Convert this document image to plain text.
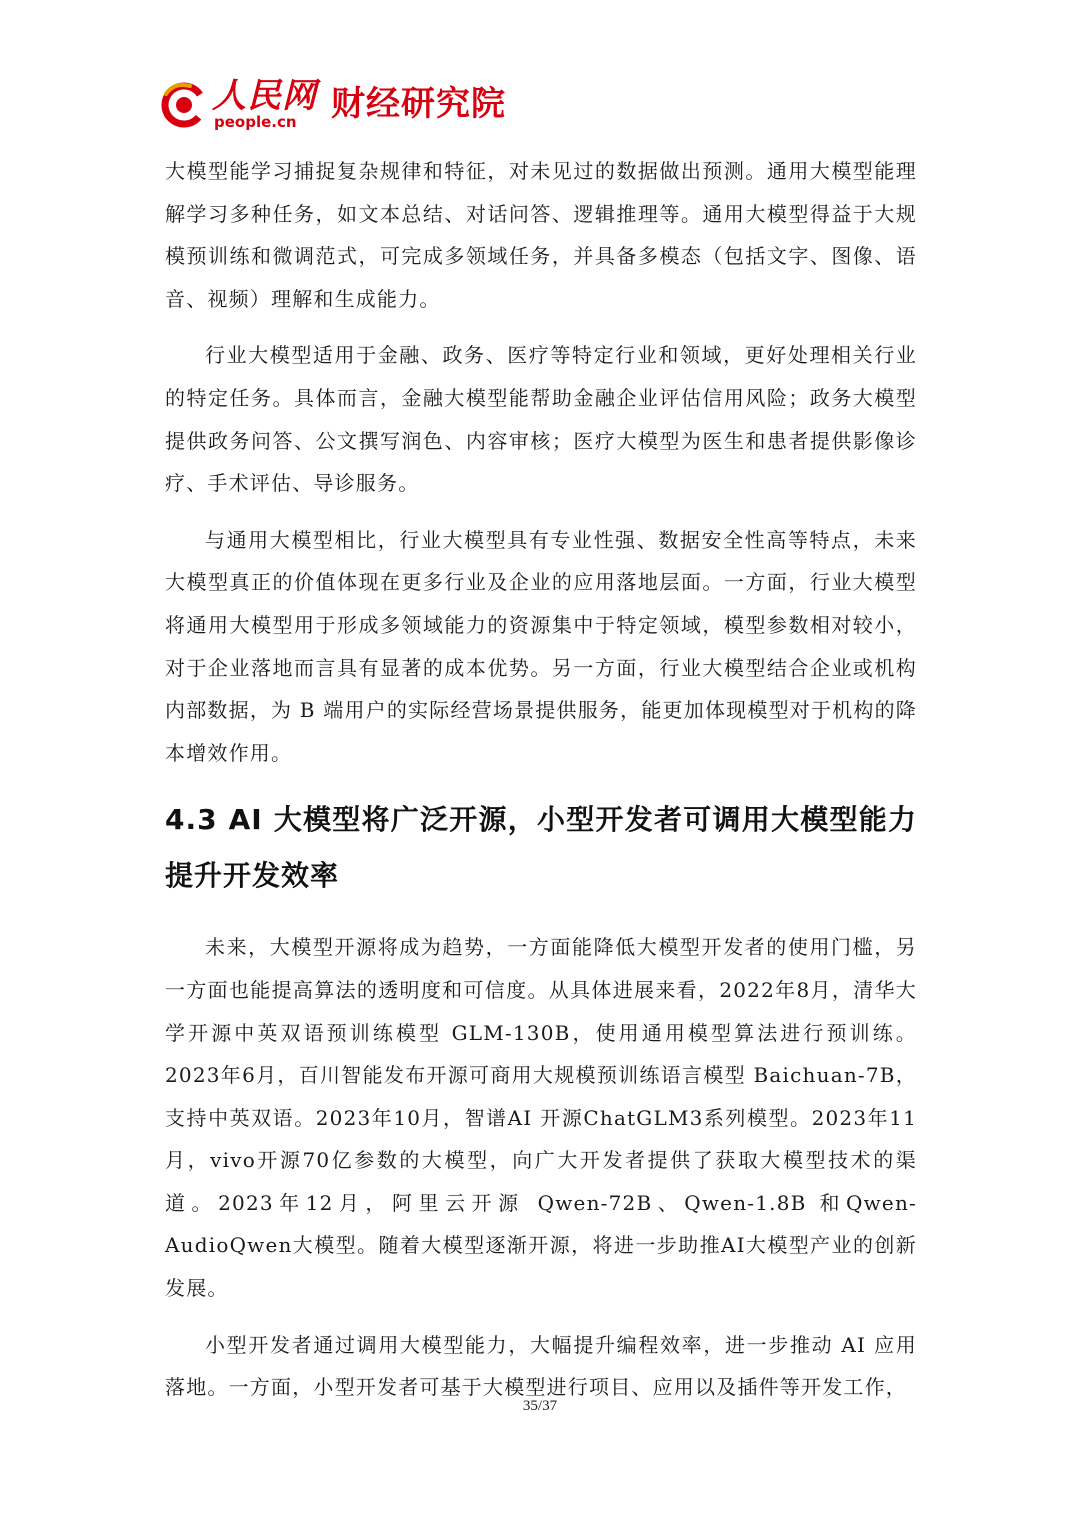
人民网
people.cn	财经研究院

大模型能学习捕捉复杂规律和特征，对未见过的数据做出预测。通用大模型能理解学习多种任务，如文本总结、对话问答、逻辑推理等。通用大模型得益于大规模预训练和微调范式，可完成多领域任务，并具备多模态（包括文字、图像、语音、视频）理解和生成能力。

行业大模型适用于金融、政务、医疗等特定行业和领域，更好处理相关行业的特定任务。具体而言，金融大模型能帮助金融企业评估信用风险；政务大模型提供政务问答、公文撰写润色、内容审核；医疗大模型为医生和患者提供影像诊疗、手术评估、导诊服务。

与通用大模型相比，行业大模型具有专业性强、数据安全性高等特点，未来大模型真正的价值体现在更多行业及企业的应用落地层面。一方面，行业大模型将通用大模型用于形成多领域能力的资源集中于特定领域，模型参数相对较小，对于企业落地而言具有显著的成本优势。另一方面，行业大模型结合企业或机构内部数据，为 B 端用户的实际经营场景提供服务，能更加体现模型对于机构的降本增效作用。

4.3 AI 大模型将广泛开源，小型开发者可调用大模型能力提升开发效率

未来，大模型开源将成为趋势，一方面能降低大模型开发者的使用门槛，另一方面也能提高算法的透明度和可信度。从具体进展来看，2022年8月，清华大学开源中英双语预训练模型 GLM-130B，使用通用模型算法进行预训练。2023年6月，百川智能发布开源可商用大规模预训练语言模型 Baichuan-7B，支持中英双语。2023年10月，智谱AI 开源ChatGLM3系列模型。2023年11月，vivo开源70亿参数的大模型，向广大开发者提供了获取大模型技术的渠道。2023年12月，阿里云开源 Qwen-72B、Qwen-1.8B 和Qwen-AudioQwen大模型。随着大模型逐渐开源，将进一步助推AI大模型产业的创新发展。

小型开发者通过调用大模型能力，大幅提升编程效率，进一步推动 AI 应用落地。一方面，小型开发者可基于大模型进行项目、应用以及插件等开发工作，

35/37
